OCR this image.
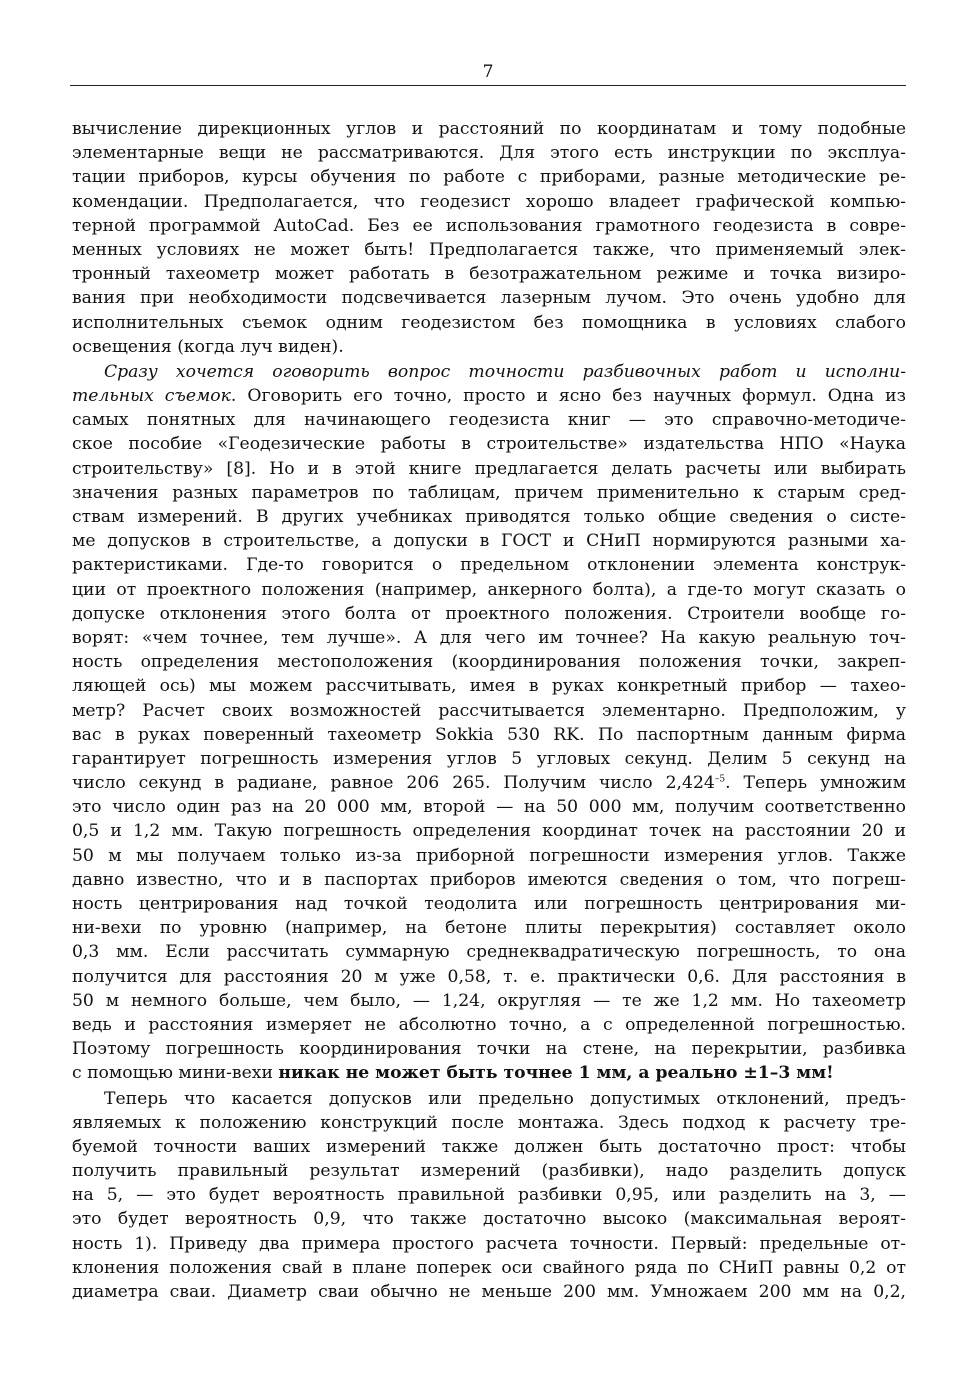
7
вычисление дирекционных углов и расстояний по координатам и тому подобные
элементарные вещи не рассматриваются. Для этого есть инструкции по эксплуа-
тации приборов, курсы обучения по работе с приборами, разные методические ре-
комендации. Предполагается, что геодезист хорошо владеет графической компью-
терной программой AutoCad. Без ее использования грамотного геодезиста в совре-
менных условиях не может быть! Предполагается также, что применяемый элек-
тронный тахеометр может работать в безотражательном режиме и точка визиро-
вания при необходимости подсвечивается лазерным лучом. Это очень удобно для
исполнительных съемок одним геодезистом без помощника в условиях слабого
освещения (когда луч виден).
Сразу хочется оговорить вопрос точности разбивочных работ и исполни-
тельных съемок. Оговорить его точно, просто и ясно без научных формул. Одна из
самых понятных для начинающего геодезиста книг — это справочно-методиче-
ское пособие «Геодезические работы в строительстве» издательства НПО «Наука
строительству» [8]. Но и в этой книге предлагается делать расчеты или выбирать
значения разных параметров по таблицам, причем применительно к старым сред-
ствам измерений. В других учебниках приводятся только общие сведения о систе-
ме допусков в строительстве, а допуски в ГОСТ и СНиП нормируются разными ха-
рактеристиками. Где-то говорится о предельном отклонении элемента конструк-
ции от проектного положения (например, анкерного болта), а где-то могут сказать о
допуске отклонения этого болта от проектного положения. Строители вообще го-
ворят: «чем точнее, тем лучше». А для чего им точнее? На какую реальную точ-
ность определения местоположения (координирования положения точки, закреп-
ляющей ось) мы можем рассчитывать, имея в руках конкретный прибор — тахео-
метр? Расчет своих возможностей рассчитывается элементарно. Предположим, у
вас в руках поверенный тахеометр Sokkia 530 RK. По паспортным данным фирма
гарантирует погрешность измерения углов 5 угловых секунд. Делим 5 секунд на
число секунд в радиане, равное 206 265. Получим число $2,424^{-5}$. Теперь умножим
это число один раз на 20 000 мм, второй — на 50 000 мм, получим соответственно
0,5 и 1,2 мм. Такую погрешность определения координат точек на расстоянии 20 и
50 м мы получаем только из-за приборной погрешности измерения углов. Также
давно известно, что и в паспортах приборов имеются сведения о том, что погреш-
ность центрирования над точкой теодолита или погрешность центрирования ми-
ни-вехи по уровню (например, на бетоне плиты перекрытия) составляет около
0,3 мм. Если рассчитать суммарную среднеквадратическую погрешность, то она
получится для расстояния 20 м уже 0,58, т. е. практически 0,6. Для расстояния в
50 м немного больше, чем было, — 1,24, округляя — те же 1,2 мм. Но тахеометр
ведь и расстояния измеряет не абсолютно точно, а с определенной погрешностью.
Поэтому погрешность координирования точки на стене, на перекрытии, разбивка
с помощью мини-вехи никак не может быть точнее 1 мм, а реально ±1–3 мм!
Теперь что касается допусков или предельно допустимых отклонений, предъ-
являемых к положению конструкций после монтажа. Здесь подход к расчету тре-
буемой точности ваших измерений также должен быть достаточно прост: чтобы
получить правильный результат измерений (разбивки), надо разделить допуск
на 5, — это будет вероятность правильной разбивки 0,95, или разделить на 3, —
это будет вероятность 0,9, что также достаточно высоко (максимальная вероят-
ность 1). Приведу два примера простого расчета точности. Первый: предельные от-
клонения положения свай в плане поперек оси свайного ряда по СНиП равны 0,2 от
диаметра сваи. Диаметр сваи обычно не меньше 200 мм. Умножаем 200 мм на 0,2,
